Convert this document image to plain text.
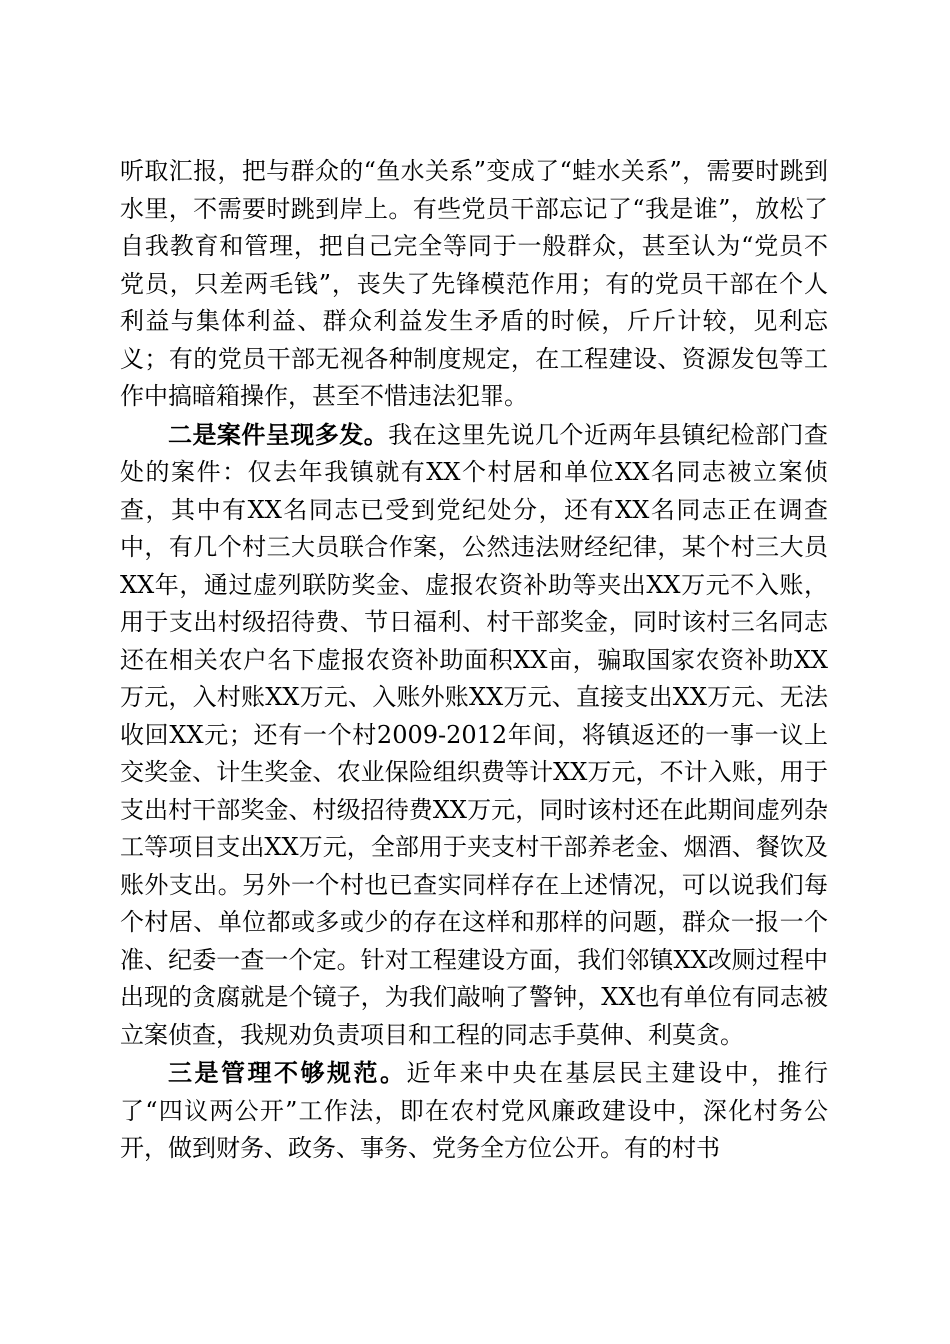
听取汇报，把与群众的“鱼水关系”变成了“蛙水关系”，需要时跳到水里，不需要时跳到岸上。有些党员干部忘记了“我是谁”，放松了自我教育和管理，把自己完全等同于一般群众，甚至认为“党员不党员，只差两毛钱”，丧失了先锋模范作用；有的党员干部在个人利益与集体利益、群众利益发生矛盾的时候，斤斤计较，见利忘义；有的党员干部无视各种制度规定，在工程建设、资源发包等工作中搞暗箱操作，甚至不惜违法犯罪。

二是案件呈现多发。我在这里先说几个近两年县镇纪检部门查处的案件：仅去年我镇就有XX个村居和单位XX名同志被立案侦查，其中有XX名同志已受到党纪处分，还有XX名同志正在调查中，有几个村三大员联合作案，公然违法财经纪律，某个村三大员XX年，通过虚列联防奖金、虚报农资补助等夹出XX万元不入账，用于支出村级招待费、节日福利、村干部奖金，同时该村三名同志还在相关农户名下虚报农资补助面积XX亩，骗取国家农资补助XX万元，入村账XX万元、入账外账XX万元、直接支出XX万元、无法收回XX元；还有一个村2009-2012年间，将镇返还的一事一议上交奖金、计生奖金、农业保险组织费等计XX万元，不计入账，用于支出村干部奖金、村级招待费XX万元，同时该村还在此期间虚列杂工等项目支出XX万元，全部用于夹支村干部养老金、烟酒、餐饮及账外支出。另外一个村也已查实同样存在上述情况，可以说我们每个村居、单位都或多或少的存在这样和那样的问题，群众一报一个准、纪委一查一个定。针对工程建设方面，我们邻镇XX改厕过程中出现的贪腐就是个镜子，为我们敲响了警钟，XX也有单位有同志被立案侦查，我规劝负责项目和工程的同志手莫伸、利莫贪。

三是管理不够规范。近年来中央在基层民主建设中，推行了“四议两公开”工作法，即在农村党风廉政建设中，深化村务公开，做到财务、政务、事务、党务全方位公开。有的村书
